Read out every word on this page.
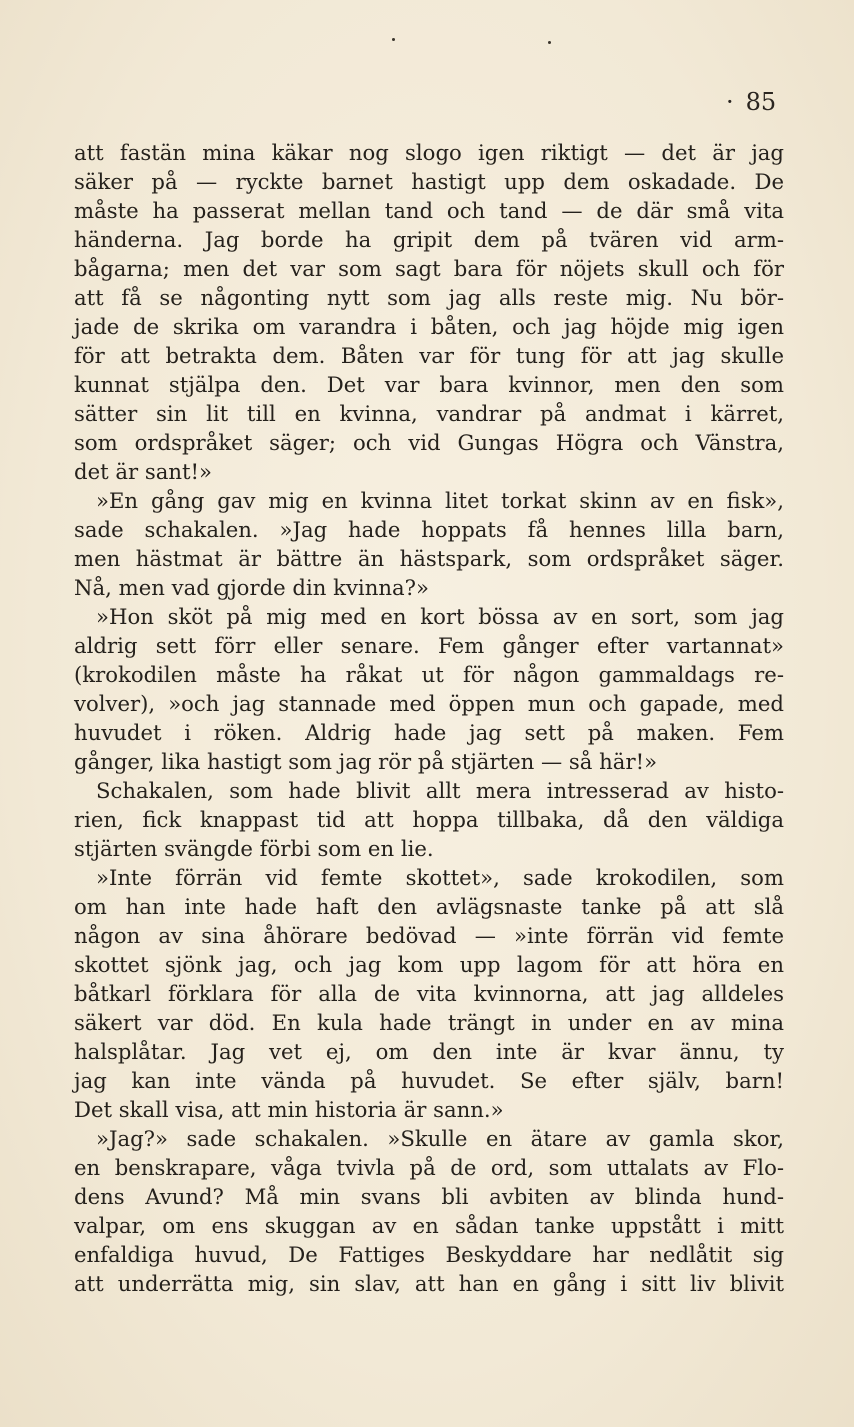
· 85
att fastän mina käkar nog slogo igen riktigt — det är jag
säker på — ryckte barnet hastigt upp dem oskadade. De
måste ha passerat mellan tand och tand — de där små vita
händerna. Jag borde ha gripit dem på tvären vid arm-
bågarna; men det var som sagt bara för nöjets skull och för
att få se någonting nytt som jag alls reste mig. Nu bör-
jade de skrika om varandra i båten, och jag höjde mig igen
för att betrakta dem. Båten var för tung för att jag skulle
kunnat stjälpa den. Det var bara kvinnor, men den som
sätter sin lit till en kvinna, vandrar på andmat i kärret,
som ordspråket säger; och vid Gungas Högra och Vänstra,
det är sant!»
»En gång gav mig en kvinna litet torkat skinn av en fisk»,
sade schakalen. »Jag hade hoppats få hennes lilla barn,
men hästmat är bättre än hästspark, som ordspråket säger.
Nå, men vad gjorde din kvinna?»
»Hon sköt på mig med en kort bössa av en sort, som jag
aldrig sett förr eller senare. Fem gånger efter vartannat»
(krokodilen måste ha råkat ut för någon gammaldags re-
volver), »och jag stannade med öppen mun och gapade, med
huvudet i röken. Aldrig hade jag sett på maken. Fem
gånger, lika hastigt som jag rör på stjärten — så här!»
Schakalen, som hade blivit allt mera intresserad av histo-
rien, fick knappast tid att hoppa tillbaka, då den väldiga
stjärten svängde förbi som en lie.
»Inte förrän vid femte skottet», sade krokodilen, som
om han inte hade haft den avlägsnaste tanke på att slå
någon av sina åhörare bedövad — »inte förrän vid femte
skottet sjönk jag, och jag kom upp lagom för att höra en
båtkarl förklara för alla de vita kvinnorna, att jag alldeles
säkert var död. En kula hade trängt in under en av mina
halsplåtar. Jag vet ej, om den inte är kvar ännu, ty
jag kan inte vända på huvudet. Se efter själv, barn!
Det skall visa, att min historia är sann.»
»Jag?» sade schakalen. »Skulle en ätare av gamla skor,
en benskrapare, våga tvivla på de ord, som uttalats av Flo-
dens Avund? Må min svans bli avbiten av blinda hund-
valpar, om ens skuggan av en sådan tanke uppstått i mitt
enfaldiga huvud, De Fattiges Beskyddare har nedlåtit sig
att underrätta mig, sin slav, att han en gång i sitt liv blivit
